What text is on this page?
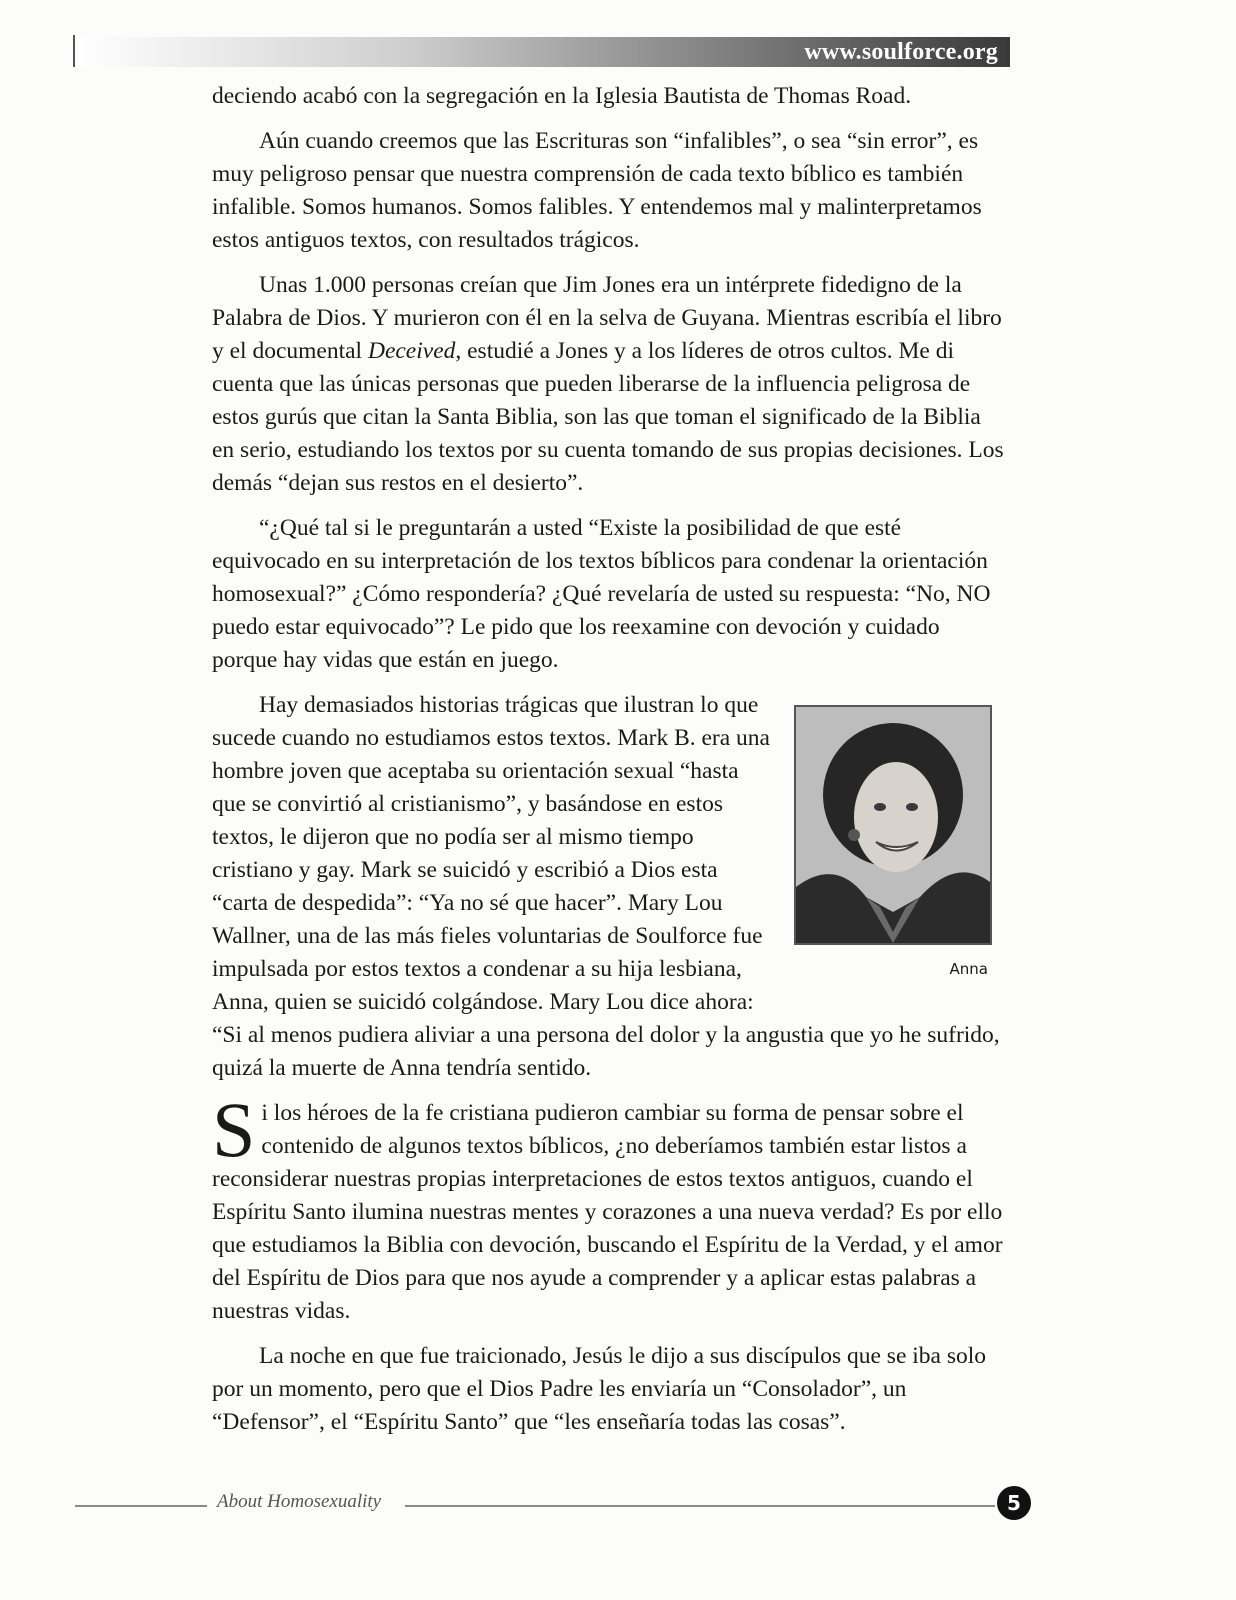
www.soulforce.org

deciendo acabó con la segregación en la Iglesia Bautista de Thomas Road.

Aún cuando creemos que las Escrituras son “infalibles”, o sea “sin error”, es muy peligroso pensar que nuestra comprensión de cada texto bíblico es también infalible. Somos humanos. Somos falibles. Y entendemos mal y malinterpretamos estos antiguos textos, con resultados trágicos.

Unas 1.000 personas creían que Jim Jones era un intérprete fidedigno de la Palabra de Dios. Y murieron con él en la selva de Guyana. Mientras escribía el libro y el documental Deceived, estudié a Jones y a los líderes de otros cultos. Me di cuenta que las únicas personas que pueden liberarse de la influencia peligrosa de estos gurús que citan la Santa Biblia, son las que toman el significado de la Biblia en serio, estudiando los textos por su cuenta tomando de sus propias decisiones. Los demás “dejan sus restos en el desierto”.

“¿Qué tal si le preguntarán a usted “Existe la posibilidad de que esté equivocado en su interpretación de los textos bíblicos para condenar la orientación homosexual?” ¿Cómo respondería? ¿Qué revelaría de usted su respuesta: “No, NO puedo estar equivocado”? Le pido que los reexamine con devoción y cuidado porque hay vidas que están en juego.

Anna

Hay demasiados historias trágicas que ilustran lo que sucede cuando no estudiamos estos textos. Mark B. era una hombre joven que aceptaba su orientación sexual “hasta que se convirtió al cristianismo”, y basándose en estos textos, le dijeron que no podía ser al mismo tiempo cristiano y gay. Mark se suicidó y escribió a Dios esta “carta de despedida”: “Ya no sé que hacer”. Mary Lou Wallner, una de las más fieles voluntarias de Soulforce fue impulsada por estos textos a condenar a su hija lesbiana, Anna, quien se suicidó colgándose. Mary Lou dice ahora: “Si al menos pudiera aliviar a una persona del dolor y la angustia que yo he sufrido, quizá la muerte de Anna tendría sentido.

Si los héroes de la fe cristiana pudieron cambiar su forma de pensar sobre el contenido de algunos textos bíblicos, ¿no deberíamos también estar listos a reconsiderar nuestras propias interpretaciones de estos textos antiguos, cuando el Espíritu Santo ilumina nuestras mentes y corazones a una nueva verdad? Es por ello que estudiamos la Biblia con devoción, buscando el Espíritu de la Verdad, y el amor del Espíritu de Dios para que nos ayude a comprender y a aplicar estas palabras a nuestras vidas.

La noche en que fue traicionado, Jesús le dijo a sus discípulos que se iba solo por un momento, pero que el Dios Padre les enviaría un “Consolador”, un “Defensor”, el “Espíritu Santo” que “les enseñaría todas las cosas”.

About Homosexuality	5
